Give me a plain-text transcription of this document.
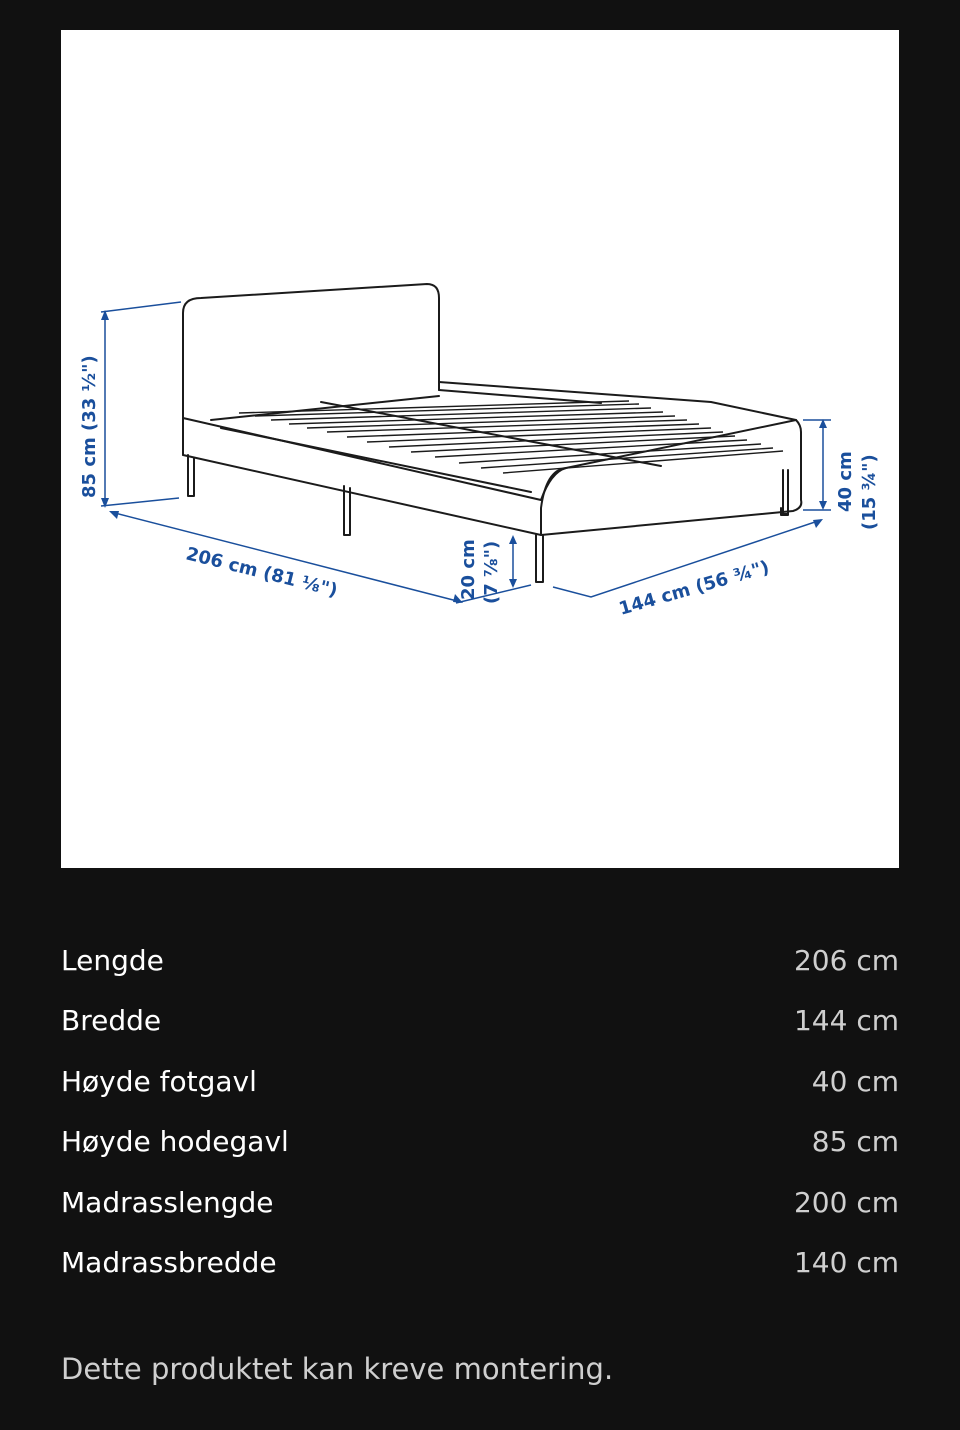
85 cm (33 ½")
206 cm (81 ⅛")	20 cm (7 ⅞")	144 cm (56 ¾")
40 cm (15 ¾")
Lengde	206 cm
Bredde	144 cm
Høyde fotgavl	40 cm
Høyde hodegavl	85 cm
Madrasslengde	200 cm
Madrassbredde	140 cm
Dette produktet kan kreve montering.
